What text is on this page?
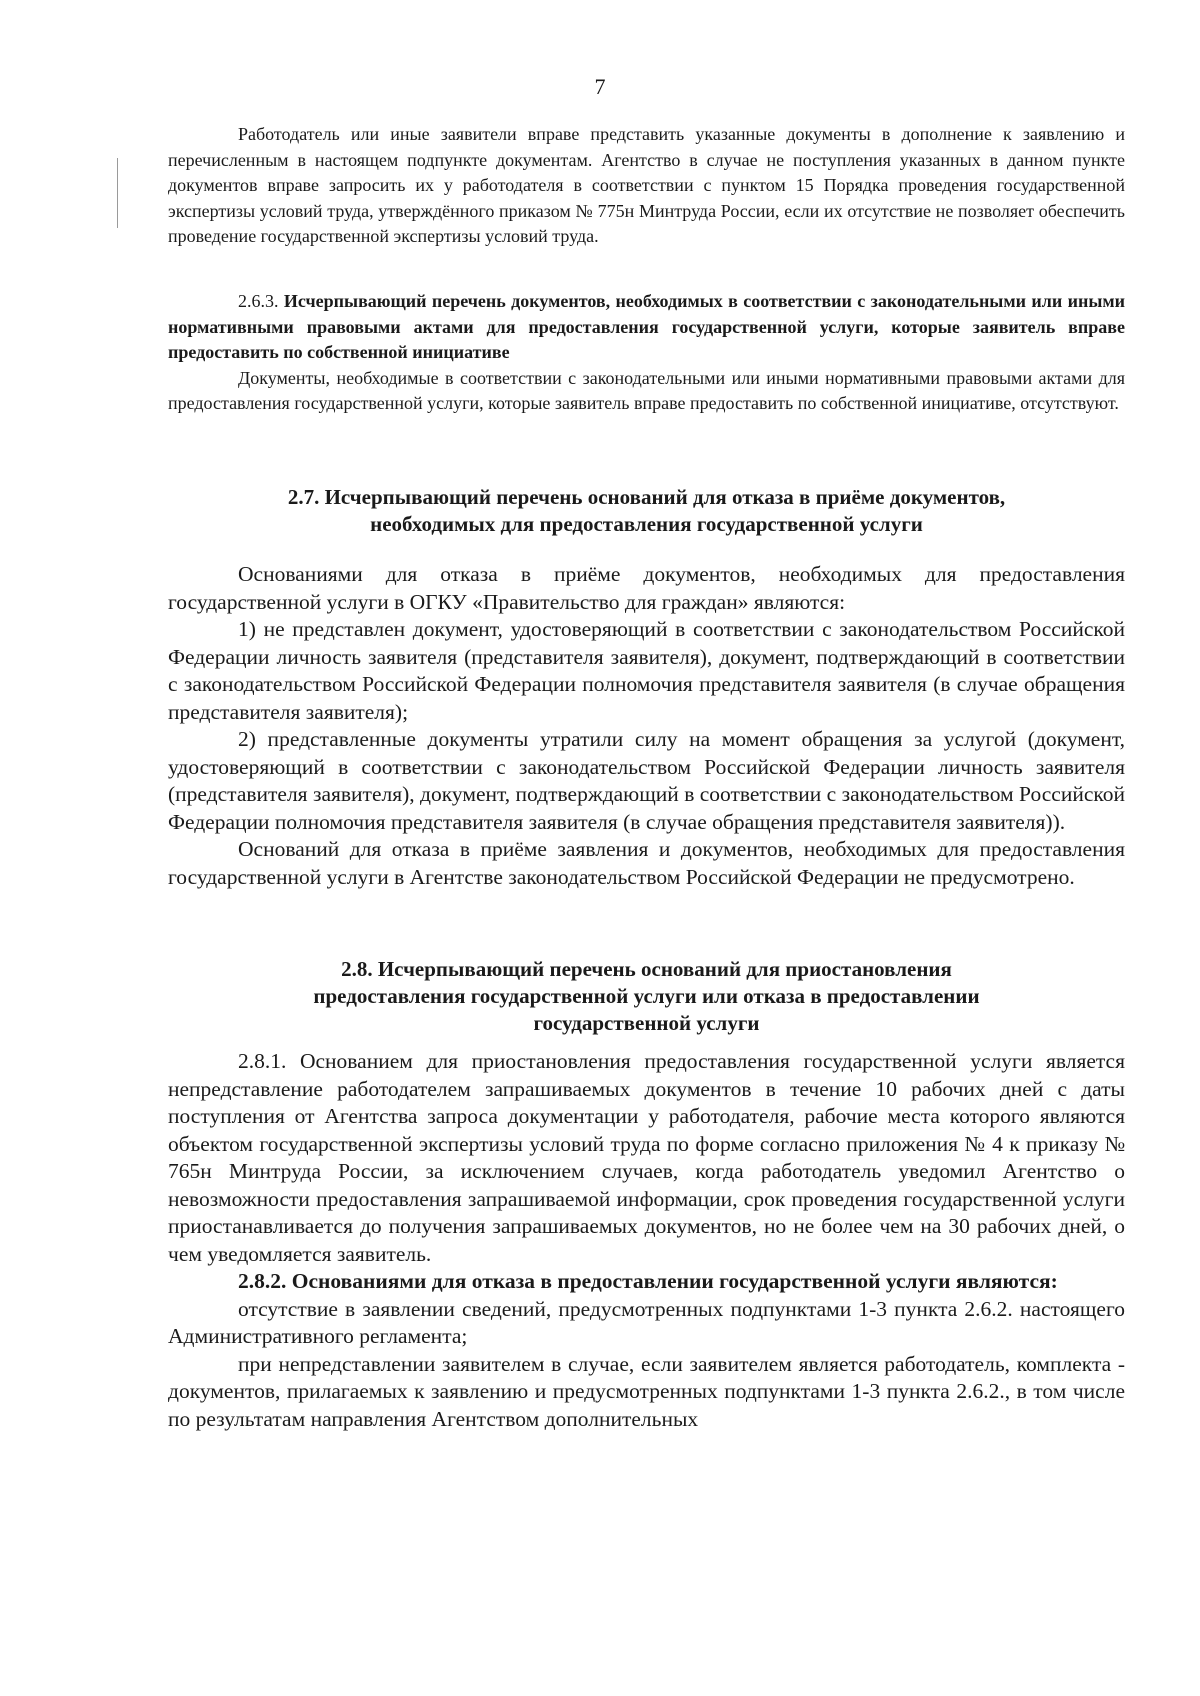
7

Работодатель или иные заявители вправе представить указанные документы в дополнение к заявлению и перечисленным в настоящем подпункте документам. Агентство в случае не поступления указанных в данном пункте документов вправе запросить их у работодателя в соответствии с пунктом 15 Порядка проведения государственной экспертизы условий труда, утверждённого приказом № 775н Минтруда России, если их отсутствие не позволяет обеспечить проведение государственной экспертизы условий труда.

2.6.3. Исчерпывающий перечень документов, необходимых в соответствии с законодательными или иными нормативными правовыми актами для предоставления государственной услуги, которые заявитель вправе предоставить по собственной инициативе

Документы, необходимые в соответствии с законодательными или иными нормативными правовыми актами для предоставления государственной услуги, которые заявитель вправе предоставить по собственной инициативе, отсутствуют.

2.7. Исчерпывающий перечень оснований для отказа в приёме документов,
необходимых для предоставления государственной услуги

Основаниями для отказа в приёме документов, необходимых для предоставления государственной услуги в ОГКУ «Правительство для граждан» являются:

1) не представлен документ, удостоверяющий в соответствии с законодательством Российской Федерации личность заявителя (представителя заявителя), документ, подтверждающий в соответствии с законодательством Российской Федерации полномочия представителя заявителя (в случае обращения представителя заявителя);

2) представленные документы утратили силу на момент обращения за услугой (документ, удостоверяющий в соответствии с законодательством Российской Федерации личность заявителя (представителя заявителя), документ, подтверждающий в соответствии с законодательством Российской Федерации полномочия представителя заявителя (в случае обращения представителя заявителя)).

Оснований для отказа в приёме заявления и документов, необходимых для предоставления государственной услуги в Агентстве законодательством Российской Федерации не предусмотрено.

2.8. Исчерпывающий перечень оснований для приостановления
предоставления государственной услуги или отказа в предоставлении
государственной услуги

2.8.1. Основанием для приостановления предоставления государственной услуги является непредставление работодателем запрашиваемых документов в течение 10 рабочих дней с даты поступления от Агентства запроса документации у работодателя, рабочие места которого являются объектом государственной экспертизы условий труда по форме согласно приложения № 4 к приказу № 765н Минтруда России, за исключением случаев, когда работодатель уведомил Агентство о невозможности предоставления запрашиваемой информации, срок проведения государственной услуги приостанавливается до получения запрашиваемых документов, но не более чем на 30 рабочих дней, о чем уведомляется заявитель.

2.8.2. Основаниями для отказа в предоставлении государственной услуги являются:

отсутствие в заявлении сведений, предусмотренных подпунктами 1-3 пункта 2.6.2. настоящего Административного регламента;

при непредставлении заявителем в случае, если заявителем является работодатель, комплекта - документов, прилагаемых к заявлению и предусмотренных подпунктами 1-3 пункта 2.6.2., в том числе по результатам направления Агентством дополнительных
